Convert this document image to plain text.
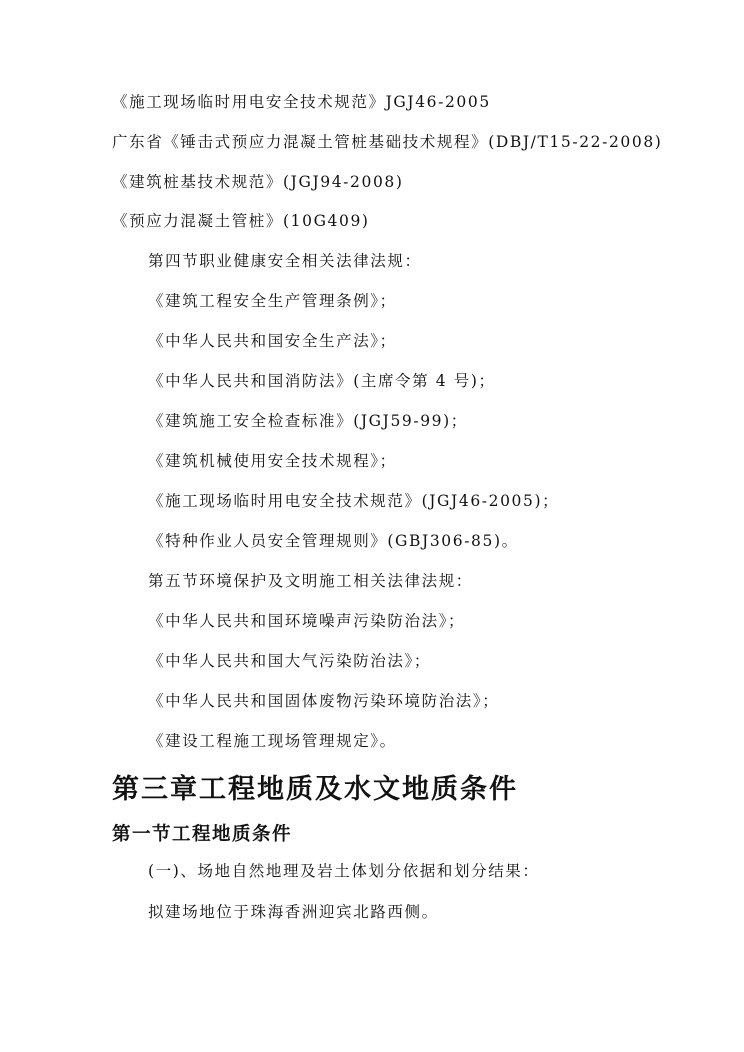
《施工现场临时用电安全技术规范》JGJ46-2005
广东省《锤击式预应力混凝土管桩基础技术规程》(DBJ/T15-22-2008)
《建筑桩基技术规范》(JGJ94-2008)
《预应力混凝土管桩》(10G409)
第四节职业健康安全相关法律法规：
《建筑工程安全生产管理条例》；
《中华人民共和国安全生产法》；
《中华人民共和国消防法》(主席令第 4 号)；
《建筑施工安全检查标准》(JGJ59-99)；
《建筑机械使用安全技术规程》；
《施工现场临时用电安全技术规范》(JGJ46-2005)；
《特种作业人员安全管理规则》(GBJ306-85)。
第五节环境保护及文明施工相关法律法规：
《中华人民共和国环境噪声污染防治法》；
《中华人民共和国大气污染防治法》；
《中华人民共和国固体废物污染环境防治法》；
《建设工程施工现场管理规定》。
第三章工程地质及水文地质条件
第一节工程地质条件
(一)、场地自然地理及岩土体划分依据和划分结果：
拟建场地位于珠海香洲迎宾北路西侧。
